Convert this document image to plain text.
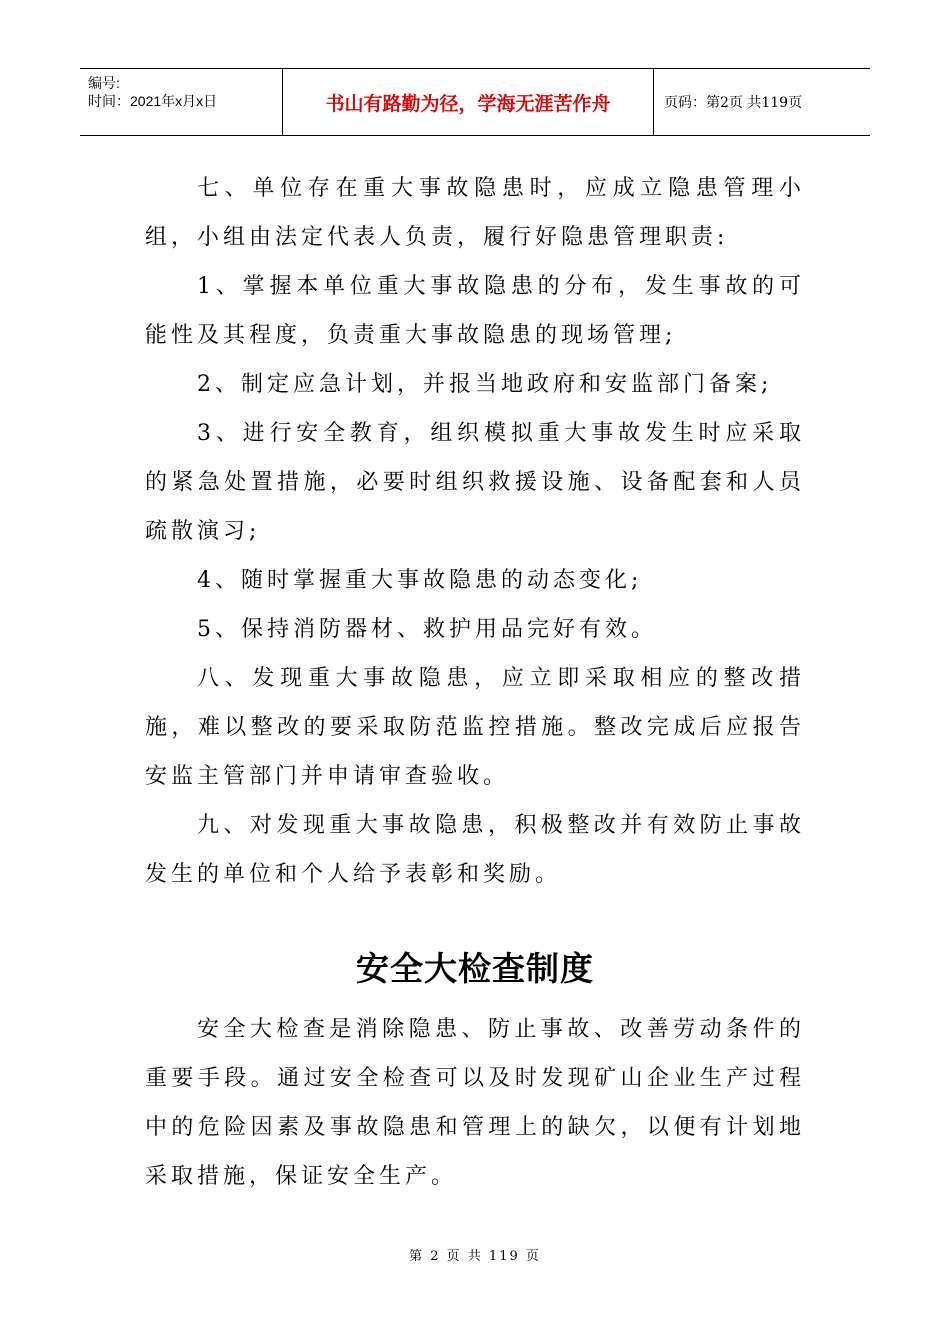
编号:
时间：2021年x月x日	书山有路勤为径，学海无涯苦作舟	页码：第2页 共119页

七、单位存在重大事故隐患时，应成立隐患管理小组，小组由法定代表人负责，履行好隐患管理职责:

1、掌握本单位重大事故隐患的分布，发生事故的可能性及其程度，负责重大事故隐患的现场管理;

2、制定应急计划，并报当地政府和安监部门备案;

3、进行安全教育，组织模拟重大事故发生时应采取的紧急处置措施，必要时组织救援设施、设备配套和人员疏散演习;

4、随时掌握重大事故隐患的动态变化;

5、保持消防器材、救护用品完好有效。

八、发现重大事故隐患，应立即采取相应的整改措施，难以整改的要采取防范监控措施。整改完成后应报告安监主管部门并申请审查验收。

九、对发现重大事故隐患，积极整改并有效防止事故发生的单位和个人给予表彰和奖励。

安全大检查制度

安全大检查是消除隐患、防止事故、改善劳动条件的重要手段。通过安全检查可以及时发现矿山企业生产过程中的危险因素及事故隐患和管理上的缺欠，以便有计划地采取措施，保证安全生产。

第 2 页 共 119 页
